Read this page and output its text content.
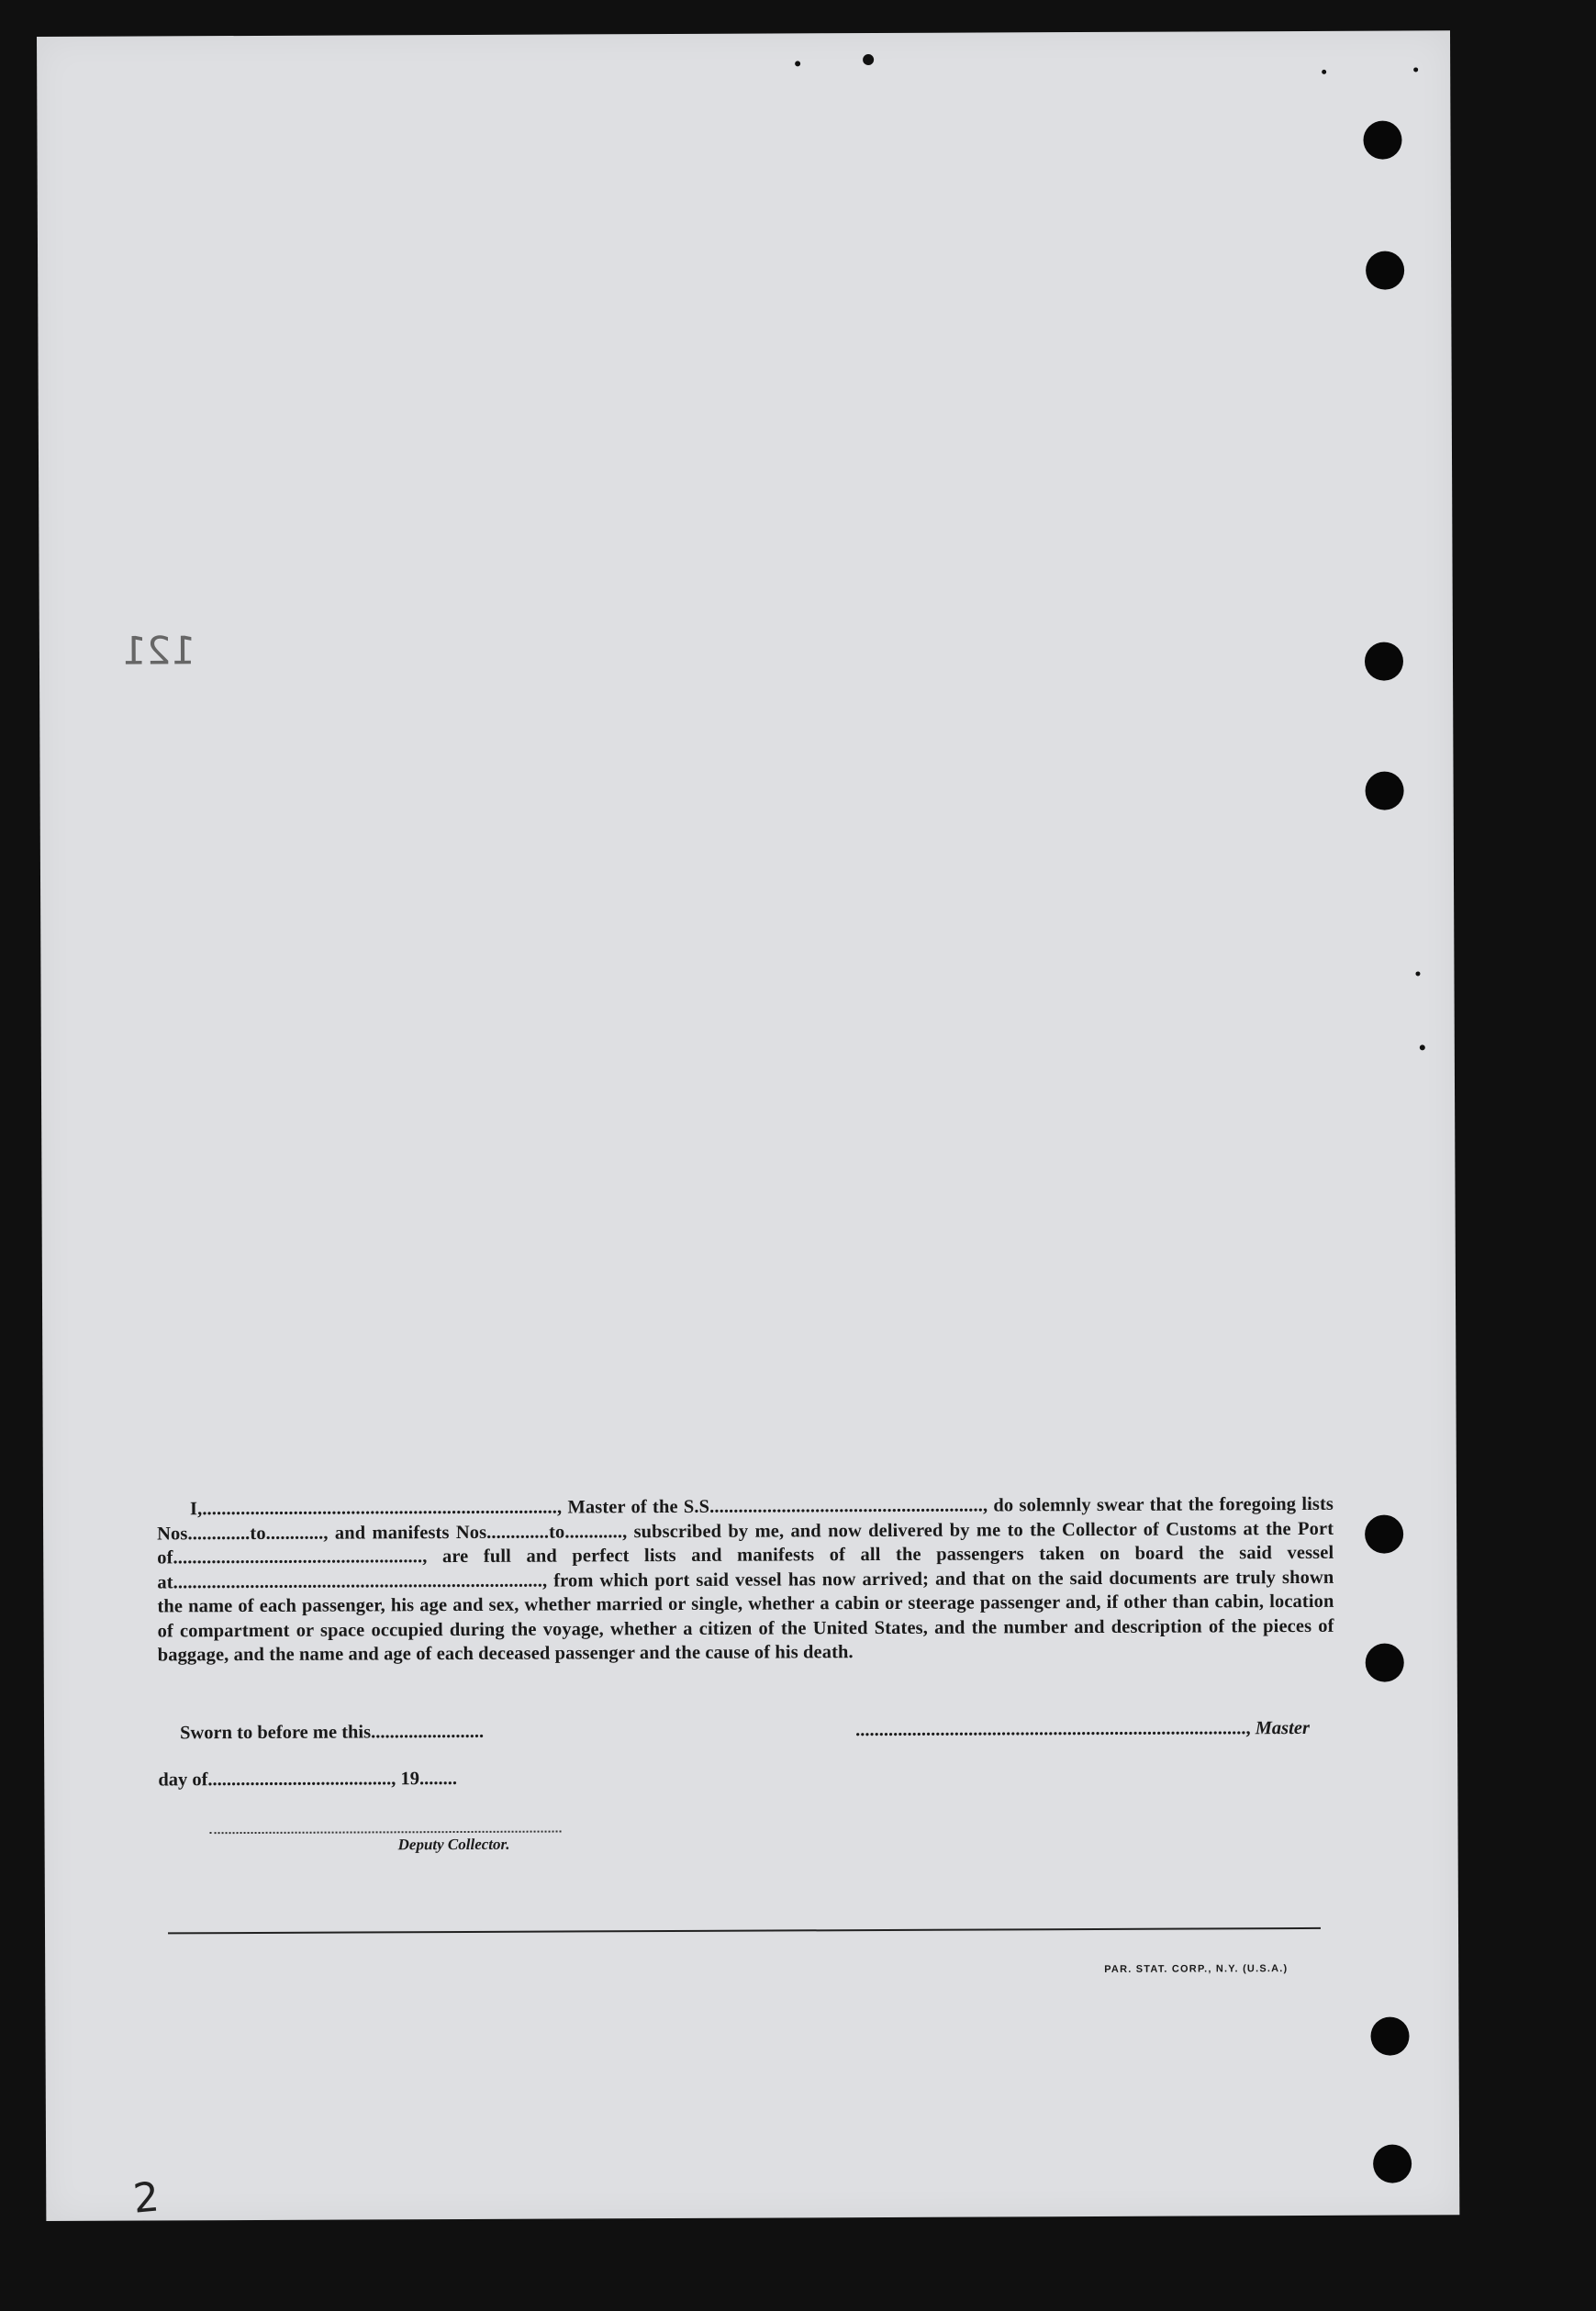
121

I,.........................................................................., Master of the S.S........................................................., do solemnly swear that the foregoing lists Nos.............to............, and manifests Nos.............to............, subscribed by me, and now delivered by me to the Collector of Customs at the Port of...................................................., are full and perfect lists and manifests of all the passengers taken on board the said vessel at............................................................................., from which port said vessel has now arrived; and that on the said documents are truly shown the name of each passenger, his age and sex, whether married or single, whether a cabin or steerage passenger and, if other than cabin, location of compartment or space occupied during the voyage, whether a citizen of the United States, and the number and description of the pieces of baggage, and the name and age of each deceased passenger and the cause of his death.

Sworn to before me this........................	..................................................................................., Master
day of......................................., 19........
Deputy Collector.
PAR. STAT. CORP., N.Y. (U.S.A.)
2
